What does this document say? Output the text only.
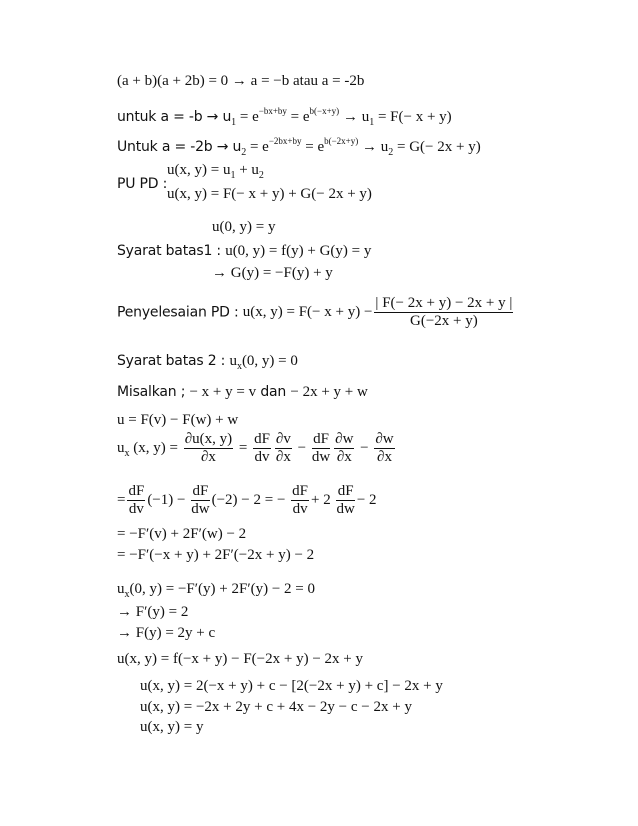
(a + b)(a + 2b) = 0 → a = −b atau a = -2b
untuk $a = -b \to u_1 = e^{-bx+by} = e^{b(-x+y)} \to u_1 = F(- x + y)$
Untuk $a = -2b \to u_2 = e^{-2bx+by} = e^{b(-2x+y)} \to u_2 = G(- 2x + y)$
PU PD :
u(x, $y) = u_1 + u_2$
u(x, y) = F(− x + y) + G(− 2x + y)
u(0, y) = y
Syarat batas1 : u(0, y) = f(y) + G(y) = y
→ G(y) = −F(y) + y
Penyelesaian PD : u(x, $y) = F(- x + y) - \frac{| F(- 2x + y) - 2x + y |}{G(-2x + y)}$
Syarat batas 2 : $u_x(0$, y) = 0
Misalkan ; − x + y = v dan − 2x + y + w
u = F(v) − F(w) + w
$u_x$ (x, $y) = \frac{\partial u(x, y)}{\partial x} = \frac{dF}{dv} \frac{\partial v}{\partial x} - \frac{dF}{dw} \frac{\partial w}{\partial x} - \frac{\partial w}{\partial x}$
= $\frac{dF}{dv} (-1) - \frac{dF}{dw} (-2) - 2$ = − $\frac{dF}{dv} + 2 \frac{dF}{dw} - 2$
= −F′(v) + 2F′(w) − 2
= −F′(−x + y) + 2F′(−2x + y) − 2
$u_x(0$, y) = −F′(y) + 2F′(y) − 2 = 0
→ F′(y) = 2
→ F(y) = 2y + c
u(x, y) = f(−x + y) − F(−2x + y) − 2x + y
u(x, y) = 2(−x + y) + c − [2(−2x + y) + c] − 2x + y
u(x, y) = −2x + 2y + c + 4x − 2y − c − 2x + y
u(x, y) = y
